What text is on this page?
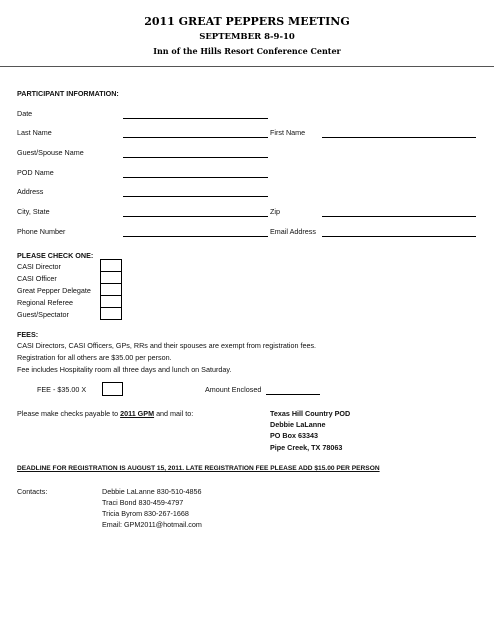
2011 GREAT PEPPERS MEETING
SEPTEMBER 8-9-10
Inn of the Hills Resort Conference Center
PARTICIPANT INFORMATION:
Date
Last Name	First Name
Guest/Spouse Name
POD Name
Address
City, State	Zip
Phone Number	Email Address
PLEASE CHECK ONE:
CASI Director
CASI Officer
Great Pepper Delegate
Regional Referee
Guest/Spectator
FEES:
CASI Directors, CASI Officers, GPs, RRs and their spouses are exempt from registration fees.
Registration for all others are $35.00 per person.
Fee includes Hospitality room all three days and lunch on Saturday.
FEE - $35.00 X	Amount Enclosed
Please make checks payable to 2011 GPM and mail to:	Texas Hill Country POD
Debbie LaLanne
PO Box 63343
Pipe Creek, TX 78063
DEADLINE FOR REGISTRATION IS AUGUST 15, 2011. LATE REGISTRATION FEE PLEASE ADD $15.00 PER PERSON
Contacts:	Debbie LaLanne 830-510-4856
Traci Bond 830-459-4797
Tricia Byrom 830-267-1668
Email: GPM2011@hotmail.com
